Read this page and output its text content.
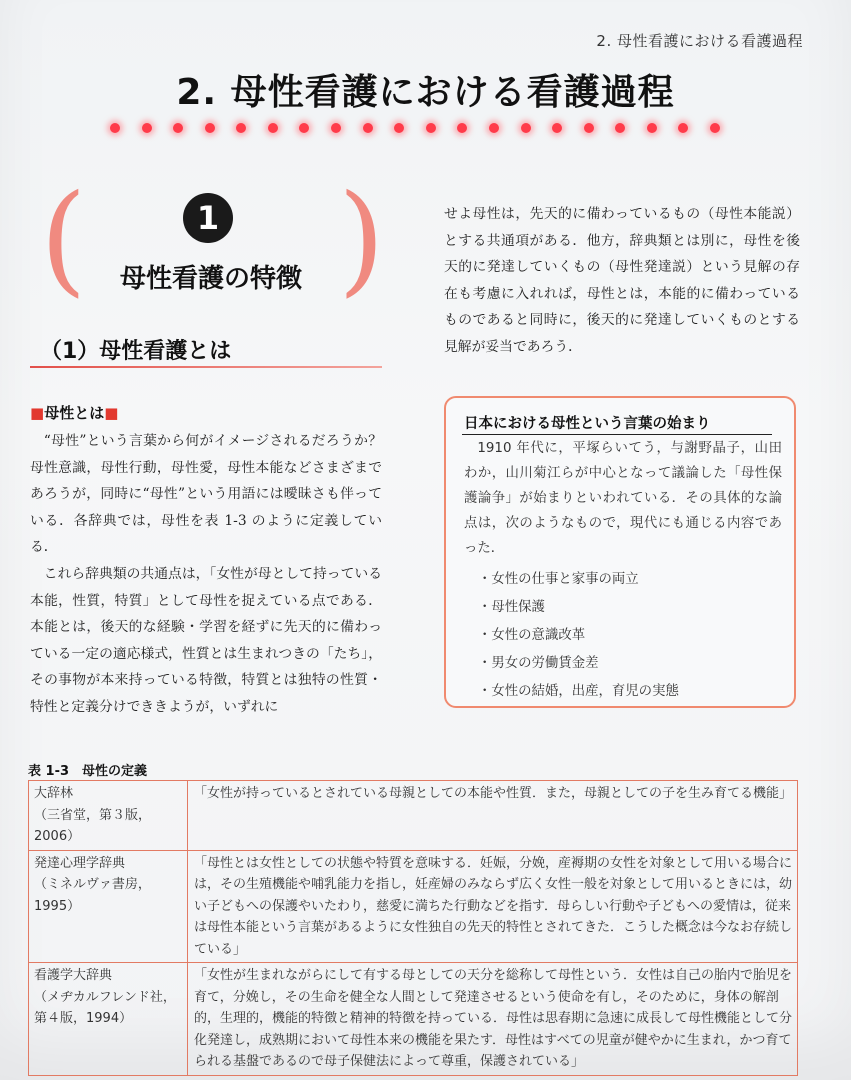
2. 母性看護における看護過程
2. 母性看護における看護過程
( )
1
母性看護の特徴
（1）母性看護とは
■母性とは■

“母性”という言葉から何がイメージされるだろうか？　母性意識，母性行動，母性愛，母性本能などさまざまであろうが，同時に“母性”という用語には曖昧さも伴っている．各辞典では，母性を表 1-3 のように定義している．

これら辞典類の共通点は，「女性が母として持っている本能，性質，特質」として母性を捉えている点である．本能とは，後天的な経験・学習を経ずに先天的に備わっている一定の適応様式，性質とは生まれつきの「たち」，その事物が本来持っている特徴，特質とは独特の性質・特性と定義分けでききようが，いずれに

せよ母性は，先天的に備わっているもの（母性本能説）とする共通項がある．他方，辞典類とは別に，母性を後天的に発達していくもの（母性発達説）という見解の存在も考慮に入れれば，母性とは，本能的に備わっているものであると同時に，後天的に発達していくものとする見解が妥当であろう．

日本における母性という言葉の始まり

1910 年代に，平塚らいてう，与謝野晶子，山田わか，山川菊江らが中心となって議論した「母性保護論争」が始まりといわれている．その具体的な論点は，次のようなもので，現代にも通じる内容であった．

・ 女性の仕事と家事の両立
・ 母性保護
・ 女性の意識改革
・ 男女の労働賃金差
・ 女性の結婚，出産，育児の実態
表 1-3　母性の定義
大辞林
（三省堂，第３版，2006）	「女性が持っているとされている母親としての本能や性質．また，母親としての子を生み育てる機能」

発達心理学辞典
（ミネルヴァ書房，1995）	「母性とは女性としての状態や特質を意味する．妊娠，分娩，産褥期の女性を対象として用いる場合には，その生殖機能や哺乳能力を指し，妊産婦のみならず広く女性一般を対象として用いるときには，幼い子どもへの保護やいたわり，慈愛に満ちた行動などを指す．母らしい行動や子どもへの愛情は，従来は母性本能という言葉があるように女性独自の先天的特性とされてきた．こうした概念は今なお存続している」

看護学大辞典
（メヂカルフレンド社，第４版，1994）	「女性が生まれながらにして有する母としての天分を総称して母性という．女性は自己の胎内で胎児を育て，分娩し，その生命を健全な人間として発達させるという使命を有し，そのために，身体の解剖的，生理的，機能的特徴と精神的特徴を持っている．母性は思春期に急速に成長して母性機能として分化発達し，成熟期において母性本来の機能を果たす．母性はすべての児童が健やかに生まれ，かつ育てられる基盤であるので母子保健法によって尊重，保護されている」
